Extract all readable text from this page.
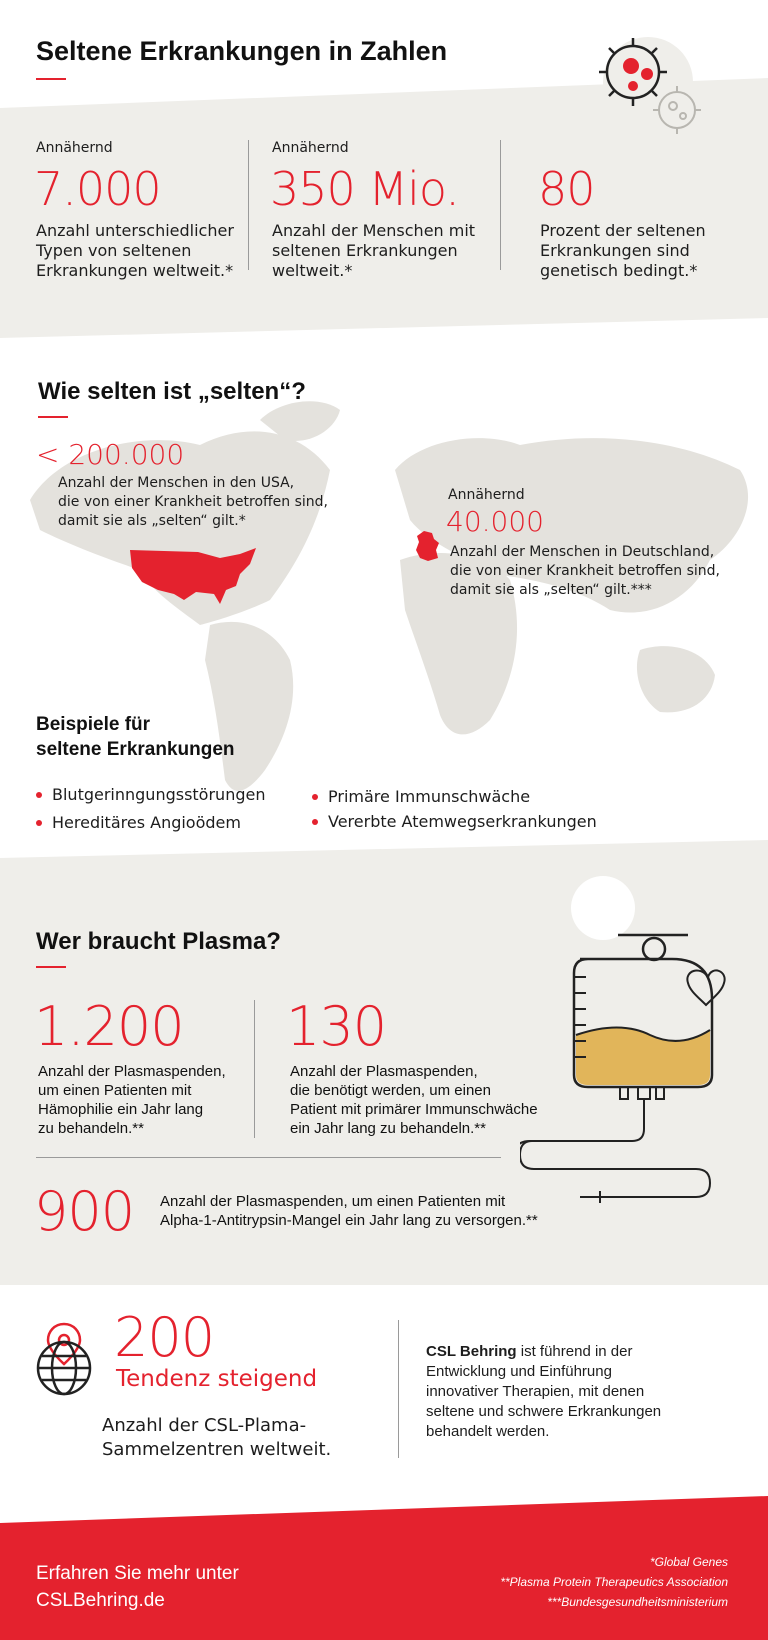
Seltene Erkrankungen in Zahlen
Annähernd
7.000
Anzahl unterschiedlicher
Typen von seltenen
Erkrankungen weltweit.*
Annähernd
350 Mio.
Anzahl der Menschen mit
seltenen Erkrankungen
weltweit.*
80
Prozent der seltenen
Erkrankungen sind
genetisch bedingt.*
Wie selten ist „selten“?
< 200.000
Anzahl der Menschen in den USA,
die von einer Krankheit betroffen sind,
damit sie als „selten“ gilt.*
Annähernd
40.000
Anzahl der Menschen in Deutschland,
die von einer Krankheit betroffen sind,
damit sie als „selten“ gilt.***
Beispiele für
seltene Erkrankungen
Blutgerinngungsstörungen
Hereditäres Angioödem
Primäre Immunschwäche
Vererbte Atemwegserkrankungen
Wer braucht Plasma?
1.200
Anzahl der Plasmaspenden,
um einen Patienten mit
Hämophilie ein Jahr lang
zu behandeln.**
130
Anzahl der Plasmaspenden,
die benötigt werden, um einen
Patient mit primärer Immunschwäche
ein Jahr lang zu behandeln.**
900 Anzahl der Plasmaspenden, um einen Patienten mit
Alpha-1-Antitrypsin-Mangel ein Jahr lang zu versorgen.**
200
Tendenz steigend
Anzahl der CSL-Plama-
Sammelzentren weltweit.
CSL Behring ist führend in der
Entwicklung und Einführung
innovativer Therapien, mit denen
seltene und schwere Erkrankungen
behandelt werden.
Erfahren Sie mehr unter
CSLBehring.de
*Global Genes
**Plasma Protein Therapeutics Association
***Bundesgesundheitsministerium
